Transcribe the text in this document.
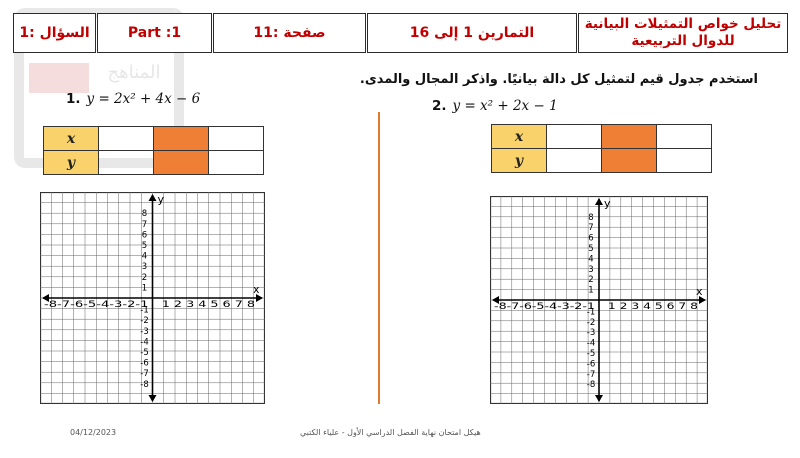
المناهج
السؤال :1	Part :1	صفحة :11	التمارين 1 إلى 16
تحليل خواص التمثيلات البيانية
للدوال التربيعية
استخدم جدول قيم لتمثيل كل دالة بيانيًا. واذكر المجال والمدى.
1. y = 2x² + 4x − 6
x			
y			
2. y = x² + 2x − 1
x			
y			
x
y
-8-7-6-5-4-3-2-1 1 2 3 4 5 6 7 8
1
2
3
4
5
6
7
8
-1
-2
-3
-4
-5
-6
-7
-8
x
y
-8-7-6-5-4-3-2-1 1 2 3 4 5 6 7 8
1
2
3
4
5
6
7
8
-1
-2
-3
-4
-5
-6
-7
-8
04/12/2023	هيكل امتحان نهاية الفصل الدراسي الأول - علياء الكتبي
